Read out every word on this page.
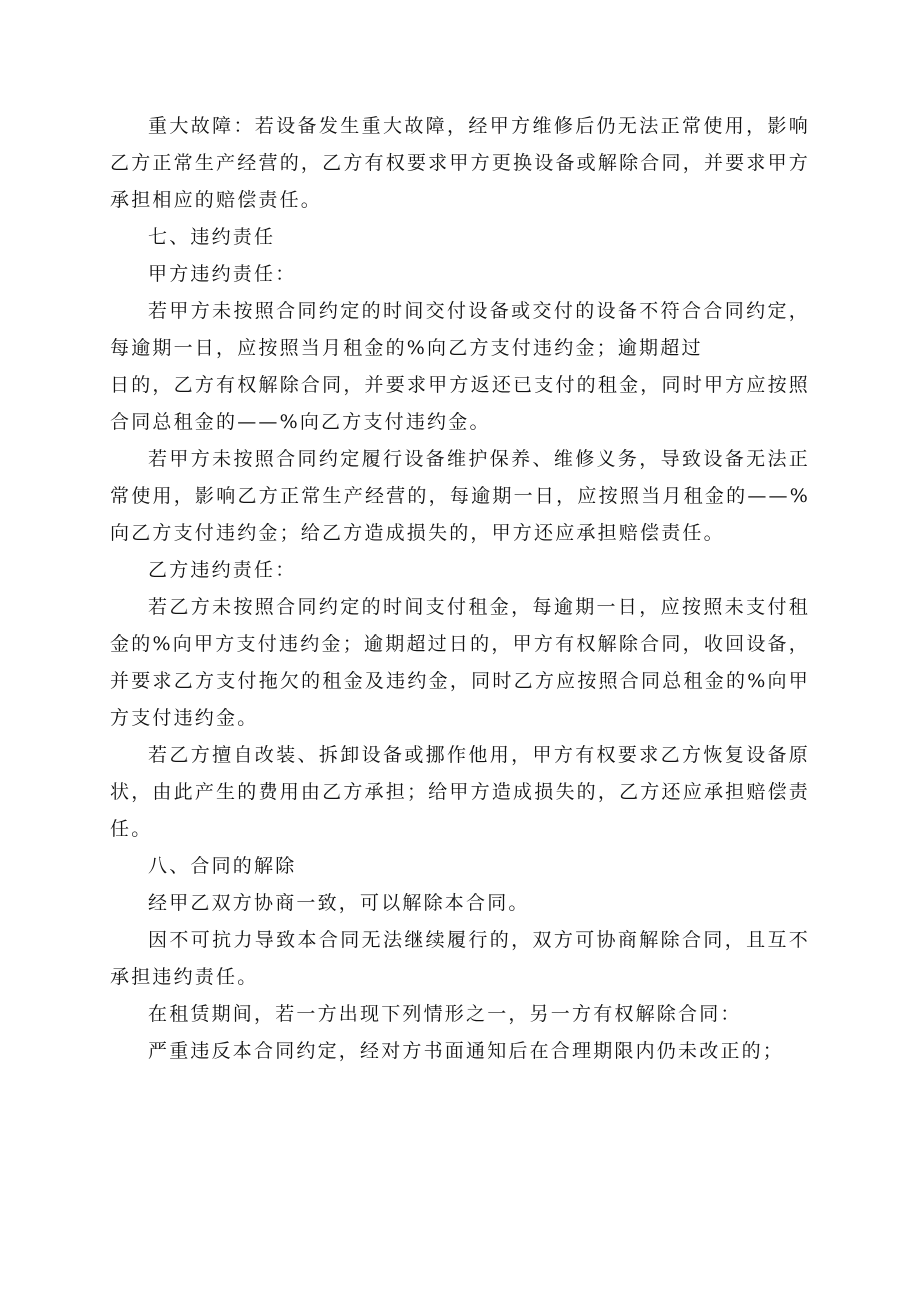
重大故障：若设备发生重大故障，经甲方维修后仍无法正常使用，影响乙方正常生产经营的，乙方有权要求甲方更换设备或解除合同，并要求甲方承担相应的赔偿责任。

七、违约责任

甲方违约责任：

若甲方未按照合同约定的时间交付设备或交付的设备不符合合同约定，每逾期一日，应按照当月租金的%向乙方支付违约金；逾期超过

日的，乙方有权解除合同，并要求甲方返还已支付的租金，同时甲方应按照合同总租金的——%向乙方支付违约金。

若甲方未按照合同约定履行设备维护保养、维修义务，导致设备无法正常使用，影响乙方正常生产经营的，每逾期一日，应按照当月租金的——%向乙方支付违约金；给乙方造成损失的，甲方还应承担赔偿责任。

乙方违约责任：

若乙方未按照合同约定的时间支付租金，每逾期一日，应按照未支付租金的%向甲方支付违约金；逾期超过日的，甲方有权解除合同，收回设备，并要求乙方支付拖欠的租金及违约金，同时乙方应按照合同总租金的%向甲方支付违约金。

若乙方擅自改装、拆卸设备或挪作他用，甲方有权要求乙方恢复设备原状，由此产生的费用由乙方承担；给甲方造成损失的，乙方还应承担赔偿责任。

八、合同的解除

经甲乙双方协商一致，可以解除本合同。

因不可抗力导致本合同无法继续履行的，双方可协商解除合同，且互不承担违约责任。

在租赁期间，若一方出现下列情形之一，另一方有权解除合同：

严重违反本合同约定，经对方书面通知后在合理期限内仍未改正的；
